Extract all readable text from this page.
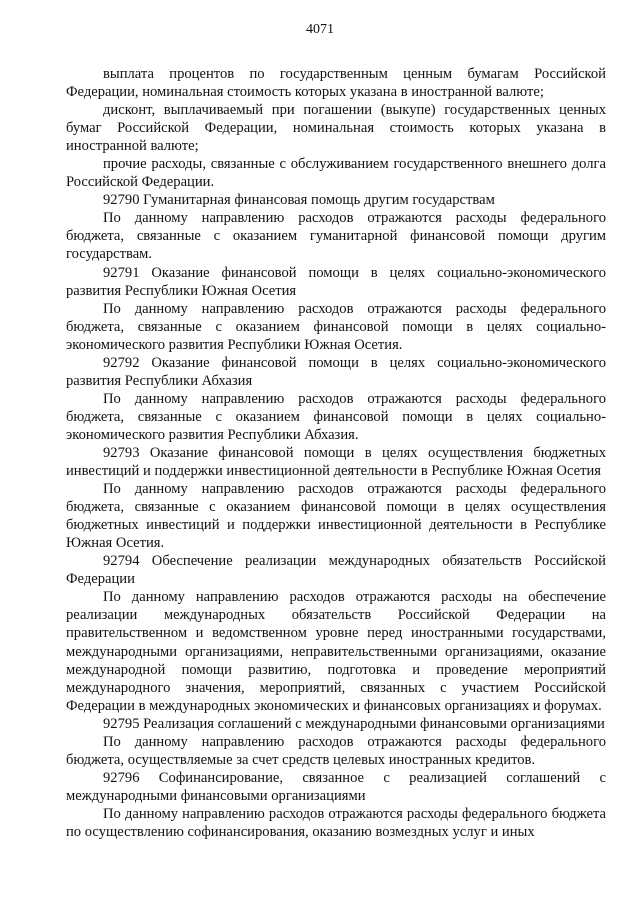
4071

выплата процентов по государственным ценным бумагам Российской Федерации, номинальная стоимость которых указана в иностранной валюте;

дисконт, выплачиваемый при погашении (выкупе) государственных ценных бумаг Российской Федерации, номинальная стоимость которых указана в иностранной валюте;

прочие расходы, связанные с обслуживанием государственного внешнего долга Российской Федерации.

92790 Гуманитарная финансовая помощь другим государствам

По данному направлению расходов отражаются расходы федерального бюджета, связанные с оказанием гуманитарной финансовой помощи другим государствам.

92791 Оказание финансовой помощи в целях социально-экономического развития Республики Южная Осетия

По данному направлению расходов отражаются расходы федерального бюджета, связанные с оказанием финансовой помощи в целях социально-экономического развития Республики Южная Осетия.

92792 Оказание финансовой помощи в целях социально-экономического развития Республики Абхазия

По данному направлению расходов отражаются расходы федерального бюджета, связанные с оказанием финансовой помощи в целях социально-экономического развития Республики Абхазия.

92793 Оказание финансовой помощи в целях осуществления бюджетных инвестиций и поддержки инвестиционной деятельности в Республике Южная Осетия

По данному направлению расходов отражаются расходы федерального бюджета, связанные с оказанием финансовой помощи в целях осуществления бюджетных инвестиций и поддержки инвестиционной деятельности в Республике Южная Осетия.

92794 Обеспечение реализации международных обязательств Российской Федерации

По данному направлению расходов отражаются расходы на обеспечение реализации международных обязательств Российской Федерации на правительственном и ведомственном уровне перед иностранными государствами, международными организациями, неправительственными организациями, оказание международной помощи развитию, подготовка и проведение мероприятий международного значения, мероприятий, связанных с участием Российской Федерации в международных экономических и финансовых организациях и форумах.

92795 Реализация соглашений с международными финансовыми организациями

По данному направлению расходов отражаются расходы федерального бюджета, осуществляемые за счет средств целевых иностранных кредитов.

92796 Софинансирование, связанное с реализацией соглашений с международными финансовыми организациями

По данному направлению расходов отражаются расходы федерального бюджета по осуществлению софинансирования, оказанию возмездных услуг и иных
